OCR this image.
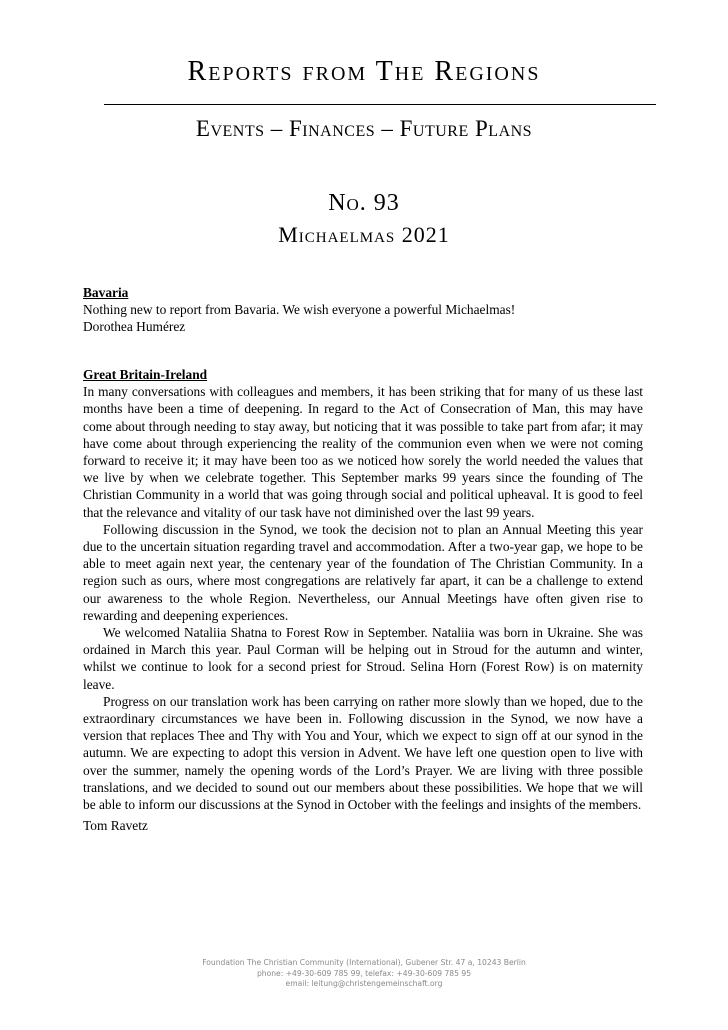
Reports from The Regions
Events – Finances – Future Plans
No. 93
Michaelmas 2021
Bavaria

Nothing new to report from Bavaria. We wish everyone a powerful Michaelmas!

Dorothea Humérez

Great Britain-Ireland

In many conversations with colleagues and members, it has been striking that for many of us these last months have been a time of deepening. In regard to the Act of Consecration of Man, this may have come about through needing to stay away, but noticing that it was possible to take part from afar; it may have come about through experiencing the reality of the communion even when we were not coming forward to receive it; it may have been too as we noticed how sorely the world needed the values that we live by when we celebrate together. This September marks 99 years since the founding of The Christian Community in a world that was going through social and political upheaval. It is good to feel that the relevance and vitality of our task have not diminished over the last 99 years.

Following discussion in the Synod, we took the decision not to plan an Annual Meeting this year due to the uncertain situation regarding travel and accommodation. After a two-year gap, we hope to be able to meet again next year, the centenary year of the foundation of The Christian Community. In a region such as ours, where most congregations are relatively far apart, it can be a challenge to extend our awareness to the whole Region. Nevertheless, our Annual Meetings have often given rise to rewarding and deepening experiences.

We welcomed Nataliia Shatna to Forest Row in September. Nataliia was born in Ukraine. She was ordained in March this year. Paul Corman will be helping out in Stroud for the autumn and winter, whilst we continue to look for a second priest for Stroud. Selina Horn (Forest Row) is on maternity leave.

Progress on our translation work has been carrying on rather more slowly than we hoped, due to the extraordinary circumstances we have been in. Following discussion in the Synod, we now have a version that replaces Thee and Thy with You and Your, which we expect to sign off at our synod in the autumn. We are expecting to adopt this version in Advent. We have left one question open to live with over the summer, namely the opening words of the Lord’s Prayer. We are living with three possible translations, and we decided to sound out our members about these possibilities. We hope that we will be able to inform our discussions at the Synod in October with the feelings and insights of the members.

Tom Ravetz

Foundation The Christian Community (International), Gubener Str. 47 a, 10243 Berlin
phone: +49-30-609 785 99, telefax: +49-30-609 785 95
email: leitung@christengemeinschaft.org
